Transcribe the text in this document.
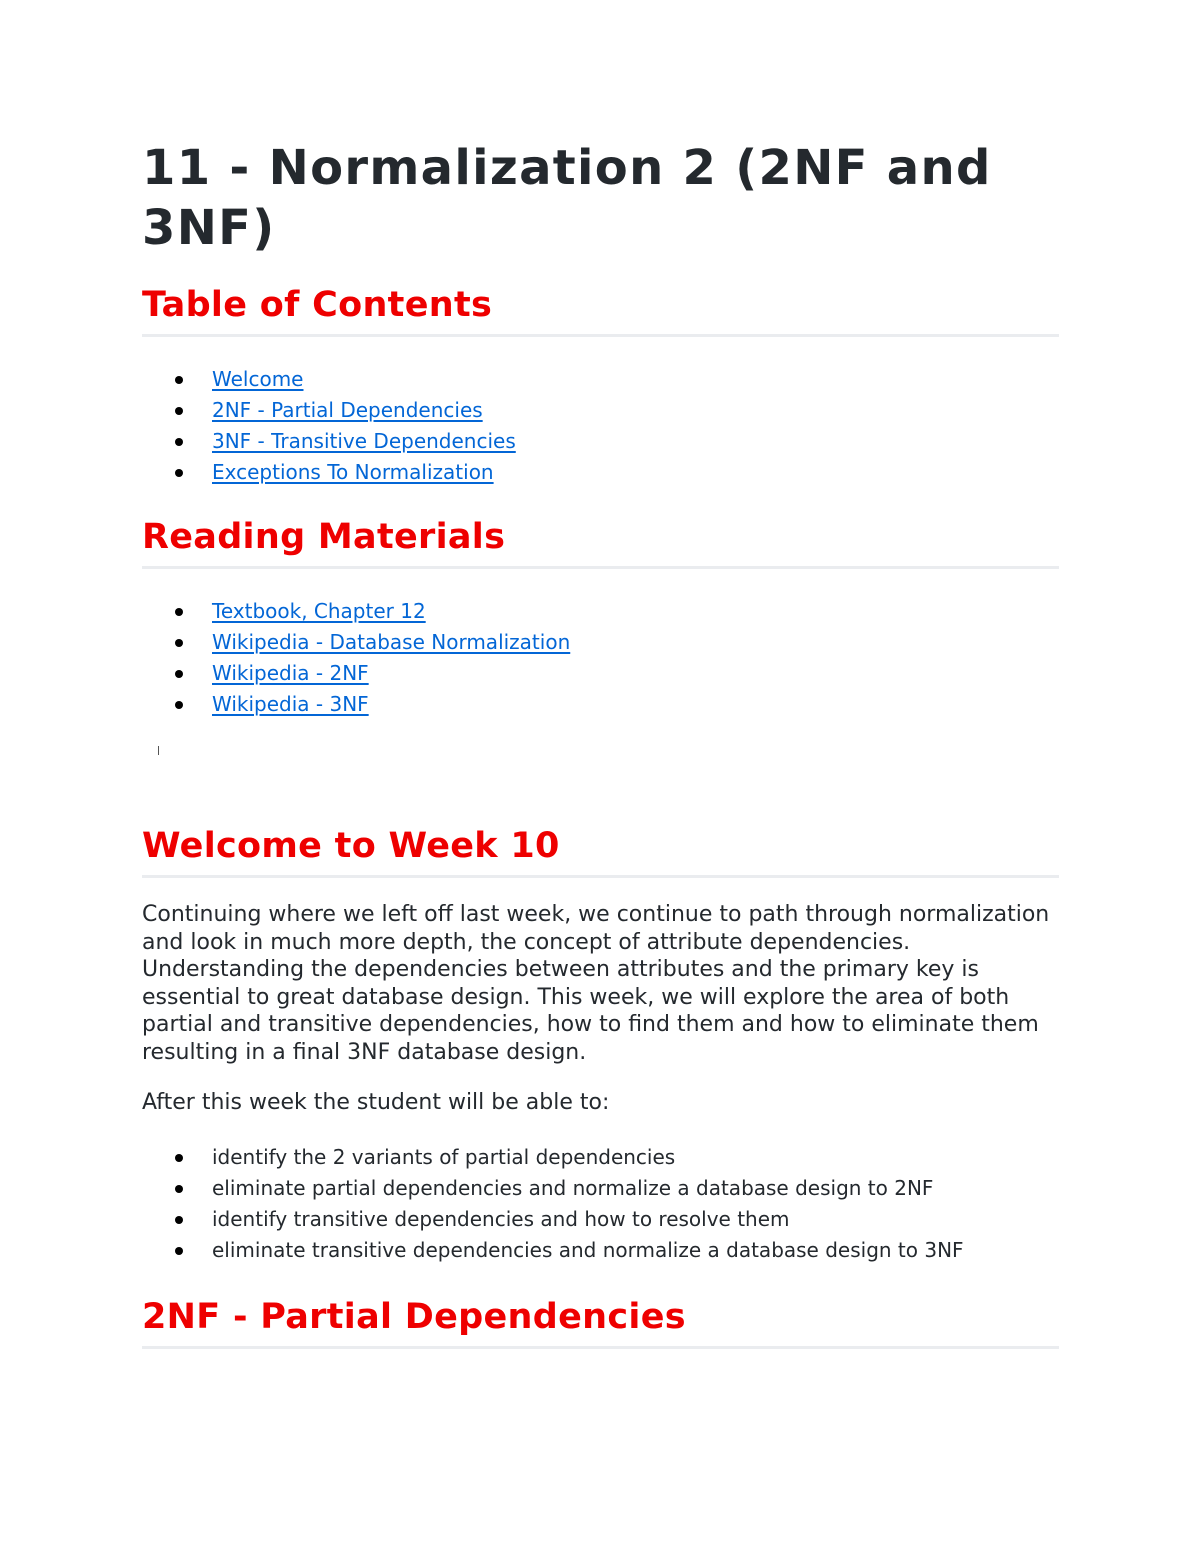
11 - Normalization 2 (2NF and 3NF)
Table of Contents
Welcome
2NF - Partial Dependencies
3NF - Transitive Dependencies
Exceptions To Normalization
Reading Materials
Textbook, Chapter 12
Wikipedia - Database Normalization
Wikipedia - 2NF
Wikipedia - 3NF
Welcome to Week 10

Continuing where we left off last week, we continue to path through normalization and look in much more depth, the concept of attribute dependencies. Understanding the dependencies between attributes and the primary key is essential to great database design. This week, we will explore the area of both partial and transitive dependencies, how to find them and how to eliminate them resulting in a final 3NF database design.

After this week the student will be able to:

identify the 2 variants of partial dependencies
eliminate partial dependencies and normalize a database design to 2NF
identify transitive dependencies and how to resolve them
eliminate transitive dependencies and normalize a database design to 3NF
2NF - Partial Dependencies
